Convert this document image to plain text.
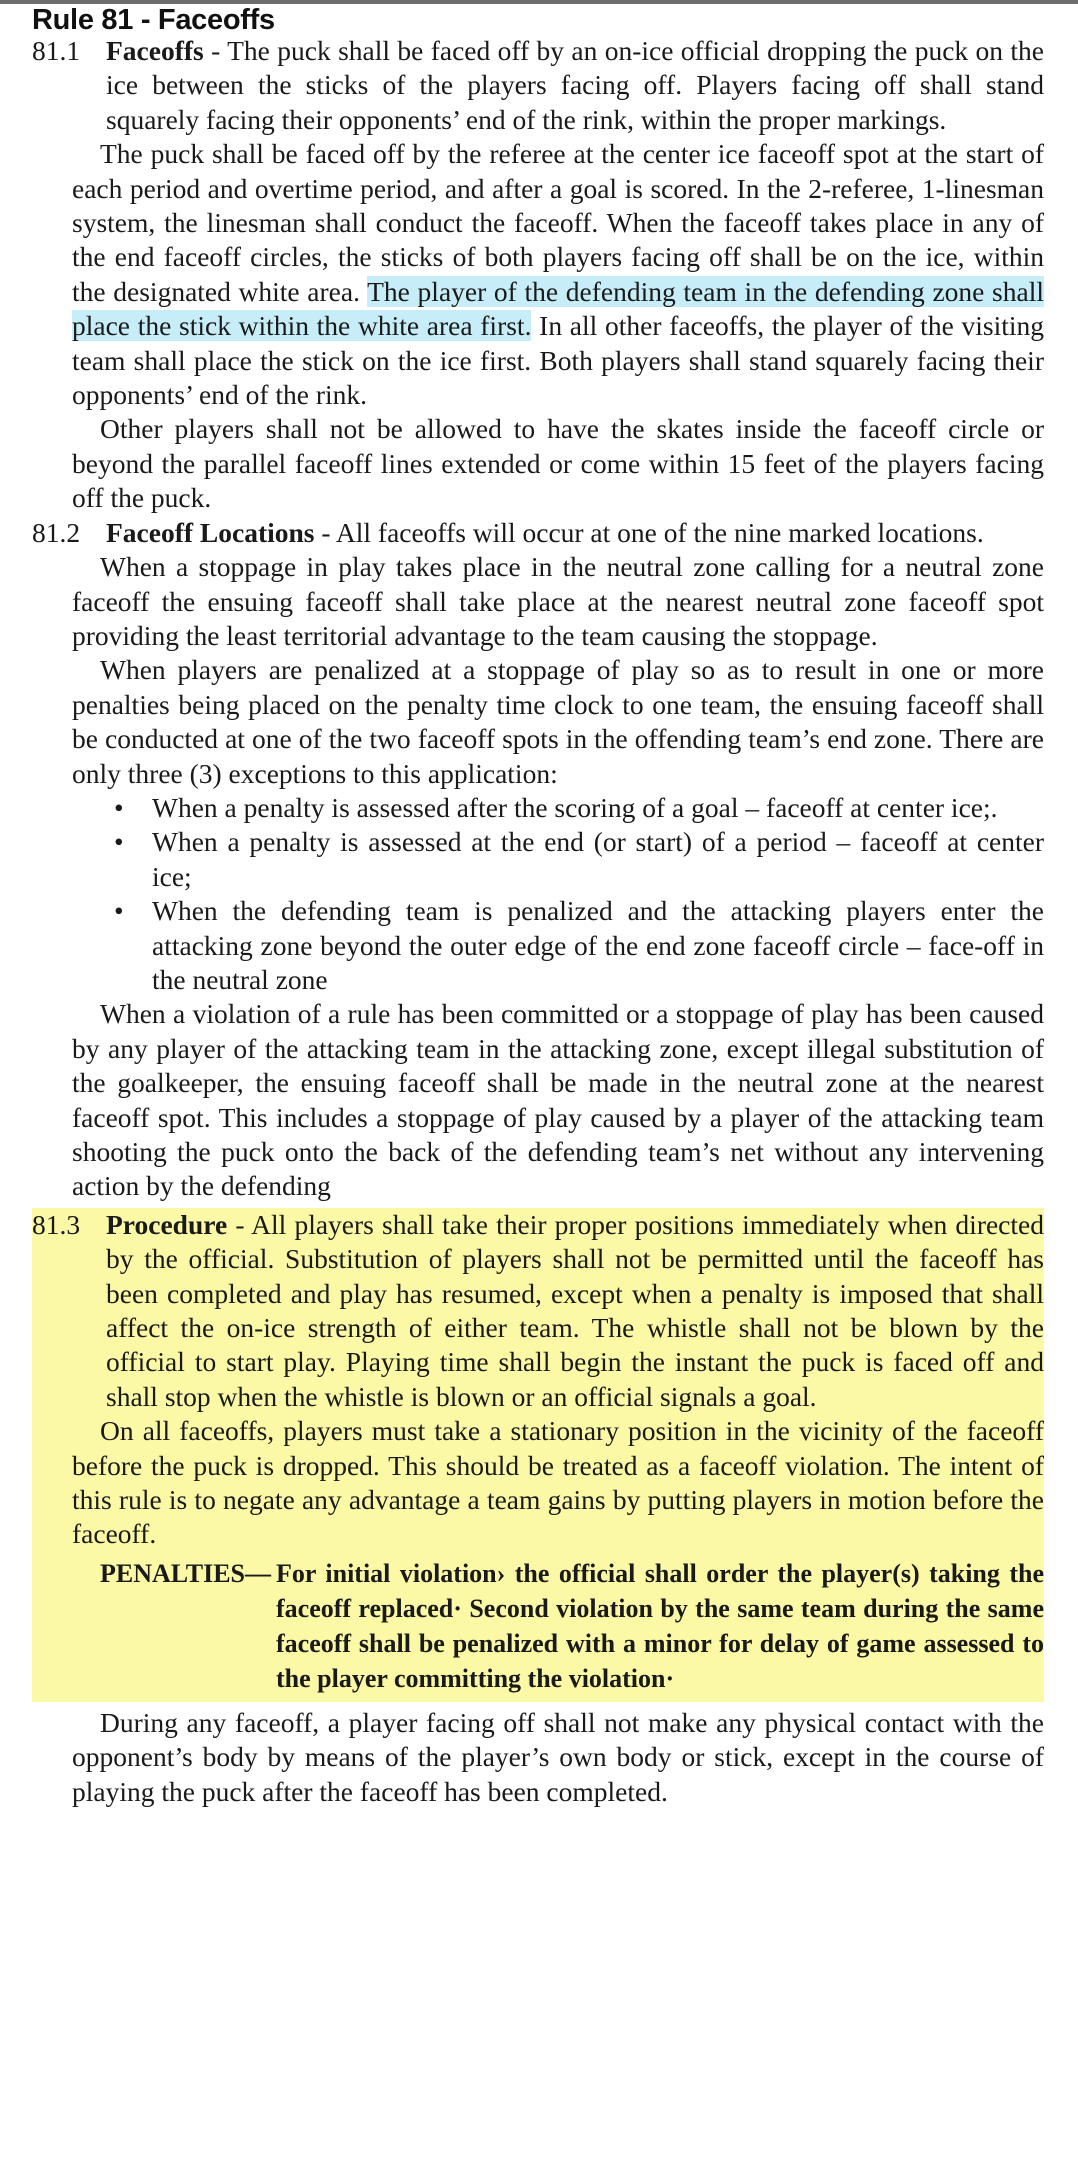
Rule 81 - Faceoffs
81.1 Faceoffs - The puck shall be faced off by an on-ice official dropping the puck on the ice between the sticks of the players facing off. Players facing off shall stand squarely facing their opponents’ end of the rink, within the proper markings.

The puck shall be faced off by the referee at the center ice faceoff spot at the start of each period and overtime period, and after a goal is scored. In the 2-referee, 1-linesman system, the linesman shall conduct the faceoff. When the faceoff takes place in any of the end faceoff circles, the sticks of both players facing off shall be on the ice, within the designated white area. The player of the defending team in the defending zone shall place the stick within the white area first. In all other faceoffs, the player of the visiting team shall place the stick on the ice first. Both players shall stand squarely facing their opponents’ end of the rink.

Other players shall not be allowed to have the skates inside the faceoff circle or beyond the parallel faceoff lines extended or come within 15 feet of the players facing off the puck.

81.2 Faceoff Locations - All faceoffs will occur at one of the nine marked locations.

When a stoppage in play takes place in the neutral zone calling for a neutral zone faceoff the ensuing faceoff shall take place at the nearest neutral zone faceoff spot providing the least territorial advantage to the team causing the stoppage.

When players are penalized at a stoppage of play so as to result in one or more penalties being placed on the penalty time clock to one team, the ensuing faceoff shall be conducted at one of the two faceoff spots in the offending team’s end zone. There are only three (3) exceptions to this application:

• When a penalty is assessed after the scoring of a goal – faceoff at center ice;.
• When a penalty is assessed at the end (or start) of a period – faceoff at center ice;
• When the defending team is penalized and the attacking players enter the attacking zone beyond the outer edge of the end zone faceoff circle – face-off in the neutral zone

When a violation of a rule has been committed or a stoppage of play has been caused by any player of the attacking team in the attacking zone, except illegal substitution of the goalkeeper, the ensuing faceoff shall be made in the neutral zone at the nearest faceoff spot. This includes a stoppage of play caused by a player of the attacking team shooting the puck onto the back of the defending team’s net without any intervening action by the defending

81.3 Procedure - All players shall take their proper positions immediately when directed by the official. Substitution of players shall not be permitted until the faceoff has been completed and play has resumed, except when a penalty is imposed that shall affect the on-ice strength of either team. The whistle shall not be blown by the official to start play. Playing time shall begin the instant the puck is faced off and shall stop when the whistle is blown or an official signals a goal.

On all faceoffs, players must take a stationary position in the vicinity of the faceoff before the puck is dropped. This should be treated as a faceoff violation. The intent of this rule is to negate any advantage a team gains by putting players in motion before the faceoff.

PENALTIES— For initial violation› the official shall order the player(s) taking the faceoff replaced· Second violation by the same team during the same faceoff shall be penalized with a minor for delay of game assessed to the player committing the violation·

During any faceoff, a player facing off shall not make any physical contact with the opponent’s body by means of the player’s own body or stick, except in the course of playing the puck after the faceoff has been completed.
